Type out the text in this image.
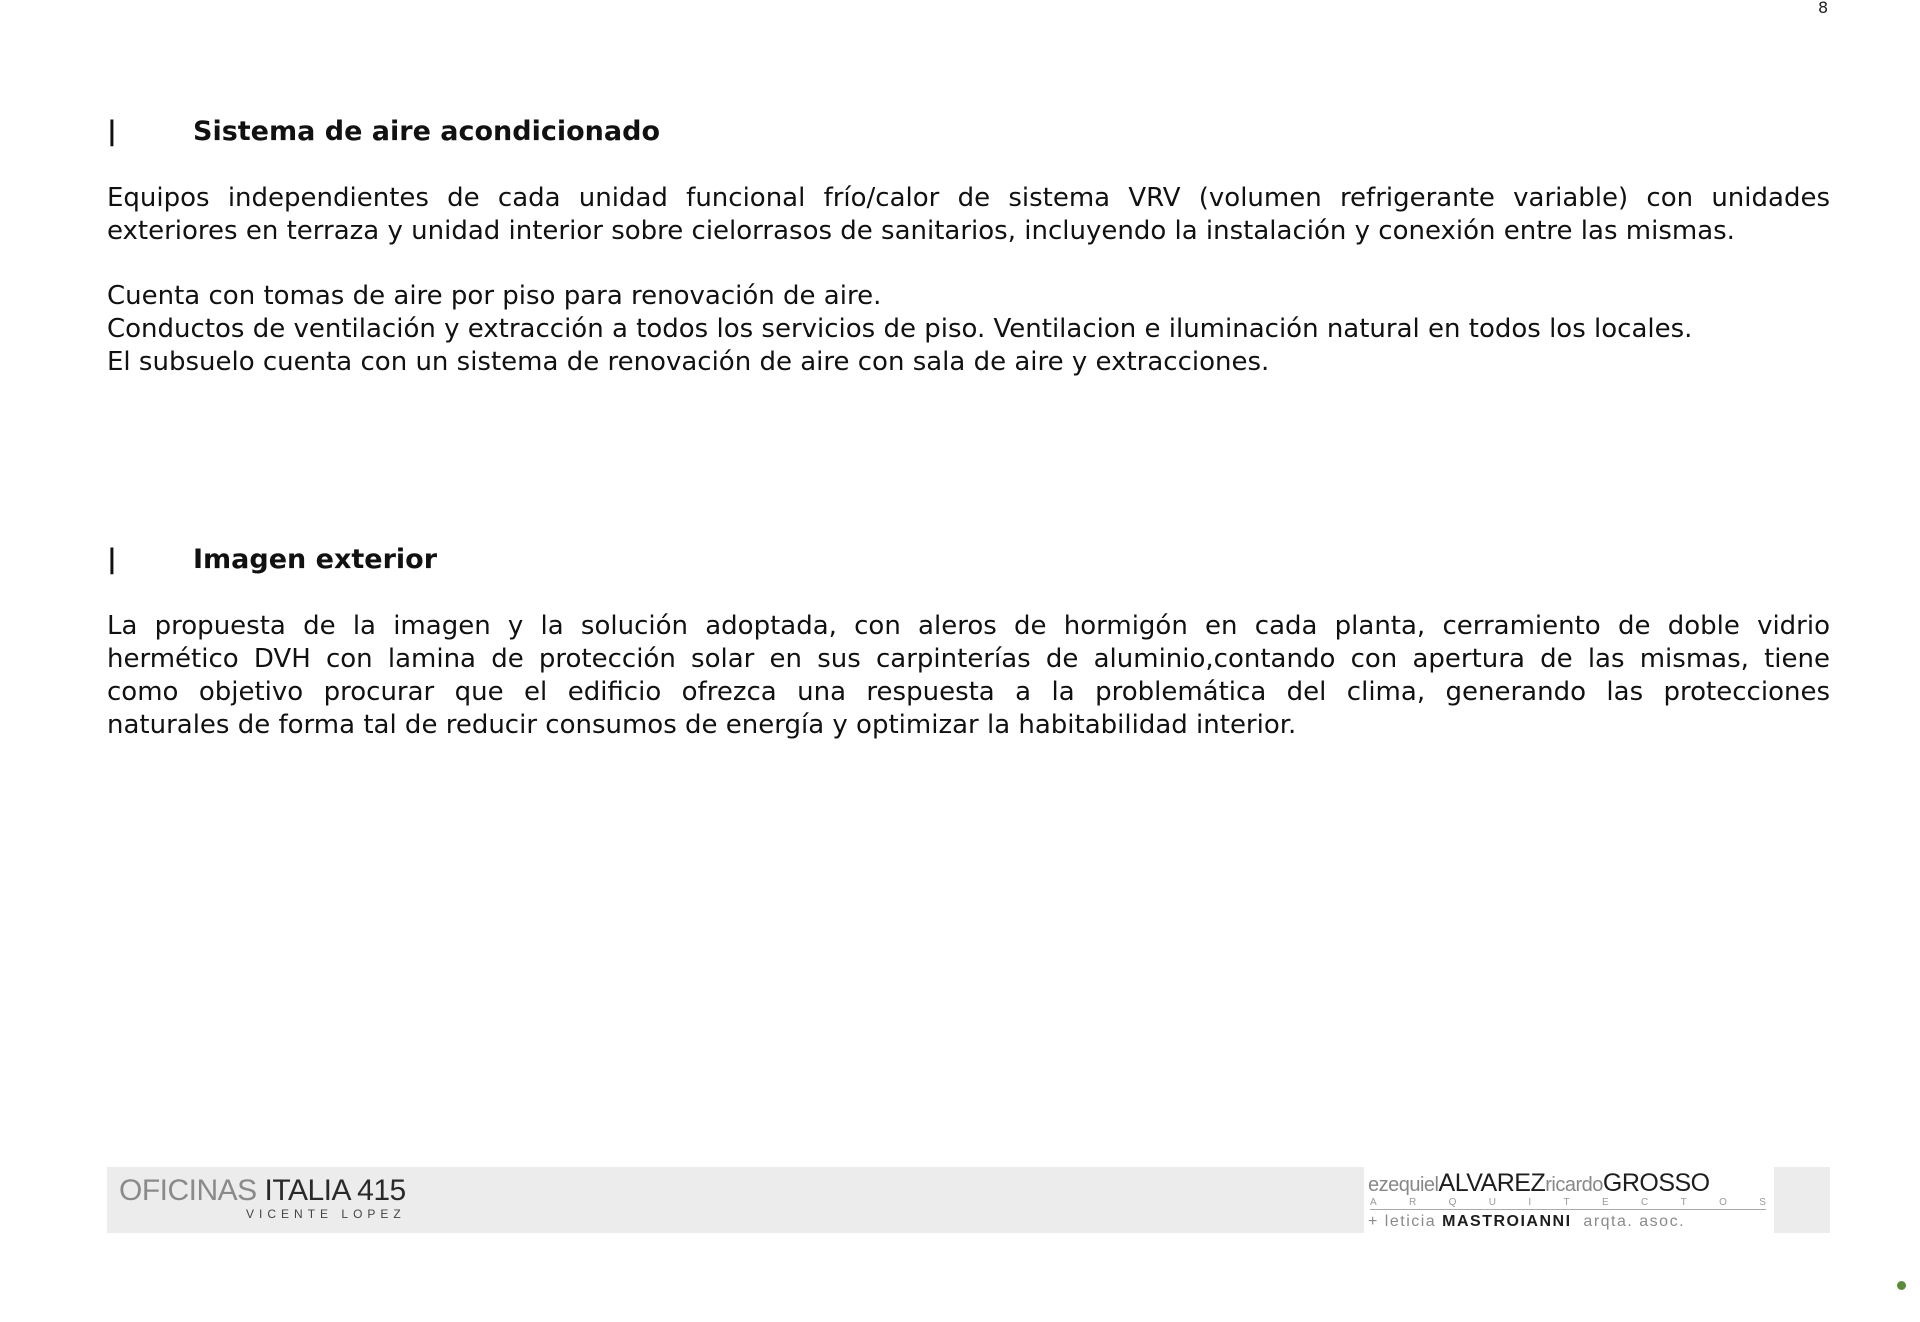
8
|	Sistema de aire acondicionado

Equipos independientes de cada unidad funcional frío/calor de sistema VRV (volumen refrigerante variable) con unidades
exteriores en terraza y unidad interior sobre cielorrasos de sanitarios, incluyendo la instalación y conexión entre las mismas.

Cuenta con tomas de aire por piso para renovación de aire.
Conductos de ventilación y extracción a todos los servicios de piso. Ventilacion e iluminación natural en todos los locales.
El subsuelo cuenta con un sistema de renovación de aire con sala de aire y extracciones.

|	Imagen exterior

La propuesta de la imagen y la solución adoptada, con aleros de hormigón en cada planta, cerramiento de doble vidrio
hermético DVH con lamina de protección solar en sus carpinterías de aluminio,contando con apertura de las mismas, tiene
como objetivo procurar que el edificio ofrezca una respuesta a la problemática del clima, generando las protecciones
naturales de forma tal de reducir consumos de energía y optimizar la habitabilidad interior.

OFICINAS ITALIA 415
VICENTE LOPEZ
ezequielALVAREZricardoGROSSO
A	R	Q	U	I	T	E	C	T	O	S
+ leticia MASTROIANNI  arqta. asoc.
